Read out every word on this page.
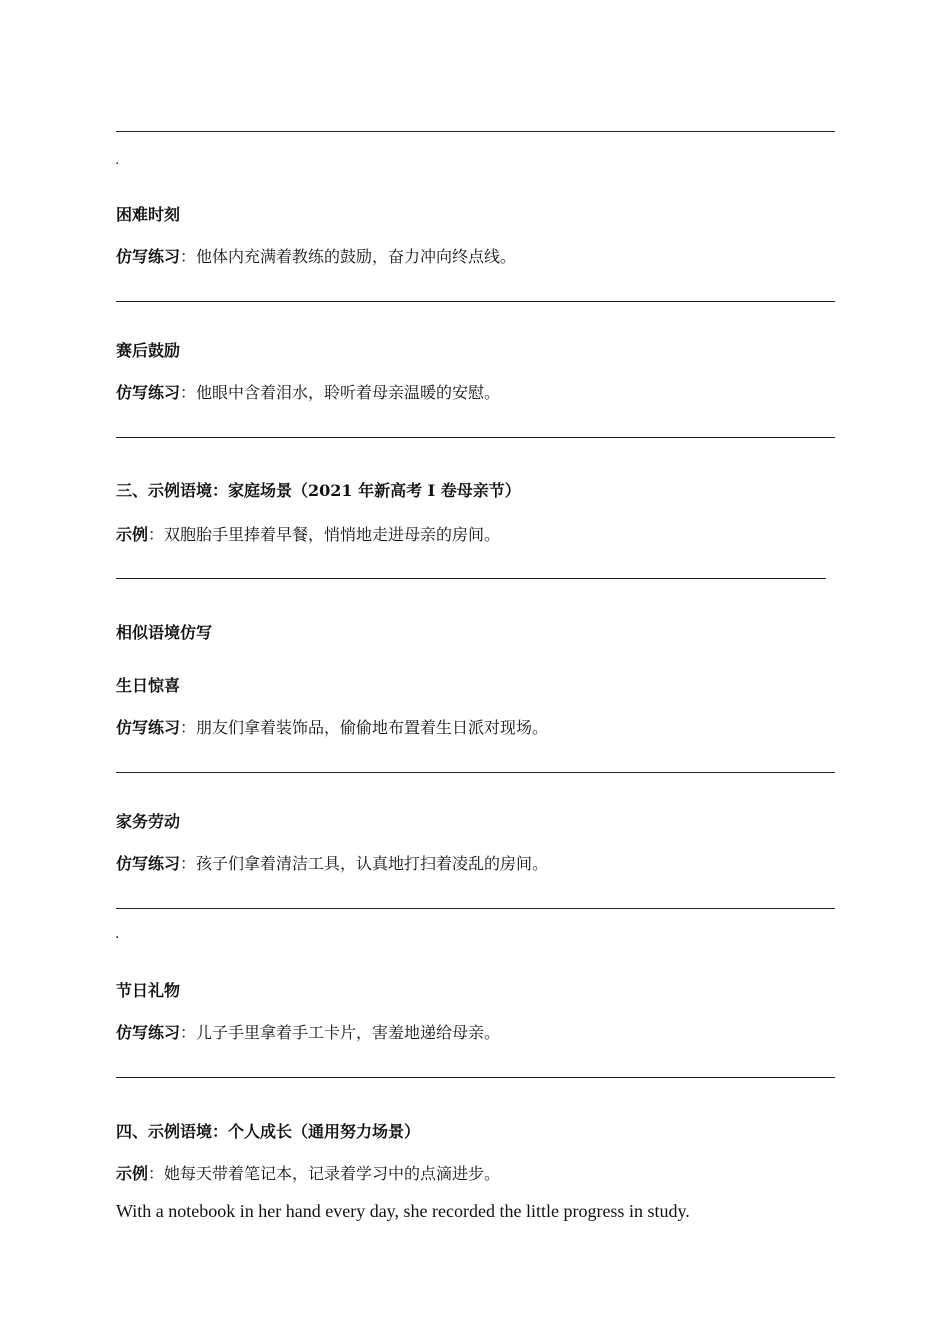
.
困难时刻
仿写练习：他体内充满着教练的鼓励，奋力冲向终点线。
赛后鼓励
仿写练习：他眼中含着泪水，聆听着母亲温暖的安慰。
三、示例语境：家庭场景（2021 年新高考 Ⅰ 卷母亲节）
示例：双胞胎手里捧着早餐，悄悄地走进母亲的房间。
相似语境仿写
生日惊喜
仿写练习：朋友们拿着装饰品，偷偷地布置着生日派对现场。
家务劳动
仿写练习：孩子们拿着清洁工具，认真地打扫着凌乱的房间。
.
节日礼物
仿写练习：儿子手里拿着手工卡片，害羞地递给母亲。
四、示例语境：个人成长（通用努力场景）
示例：她每天带着笔记本，记录着学习中的点滴进步。
With a notebook in her hand every day, she recorded the little progress in study.
